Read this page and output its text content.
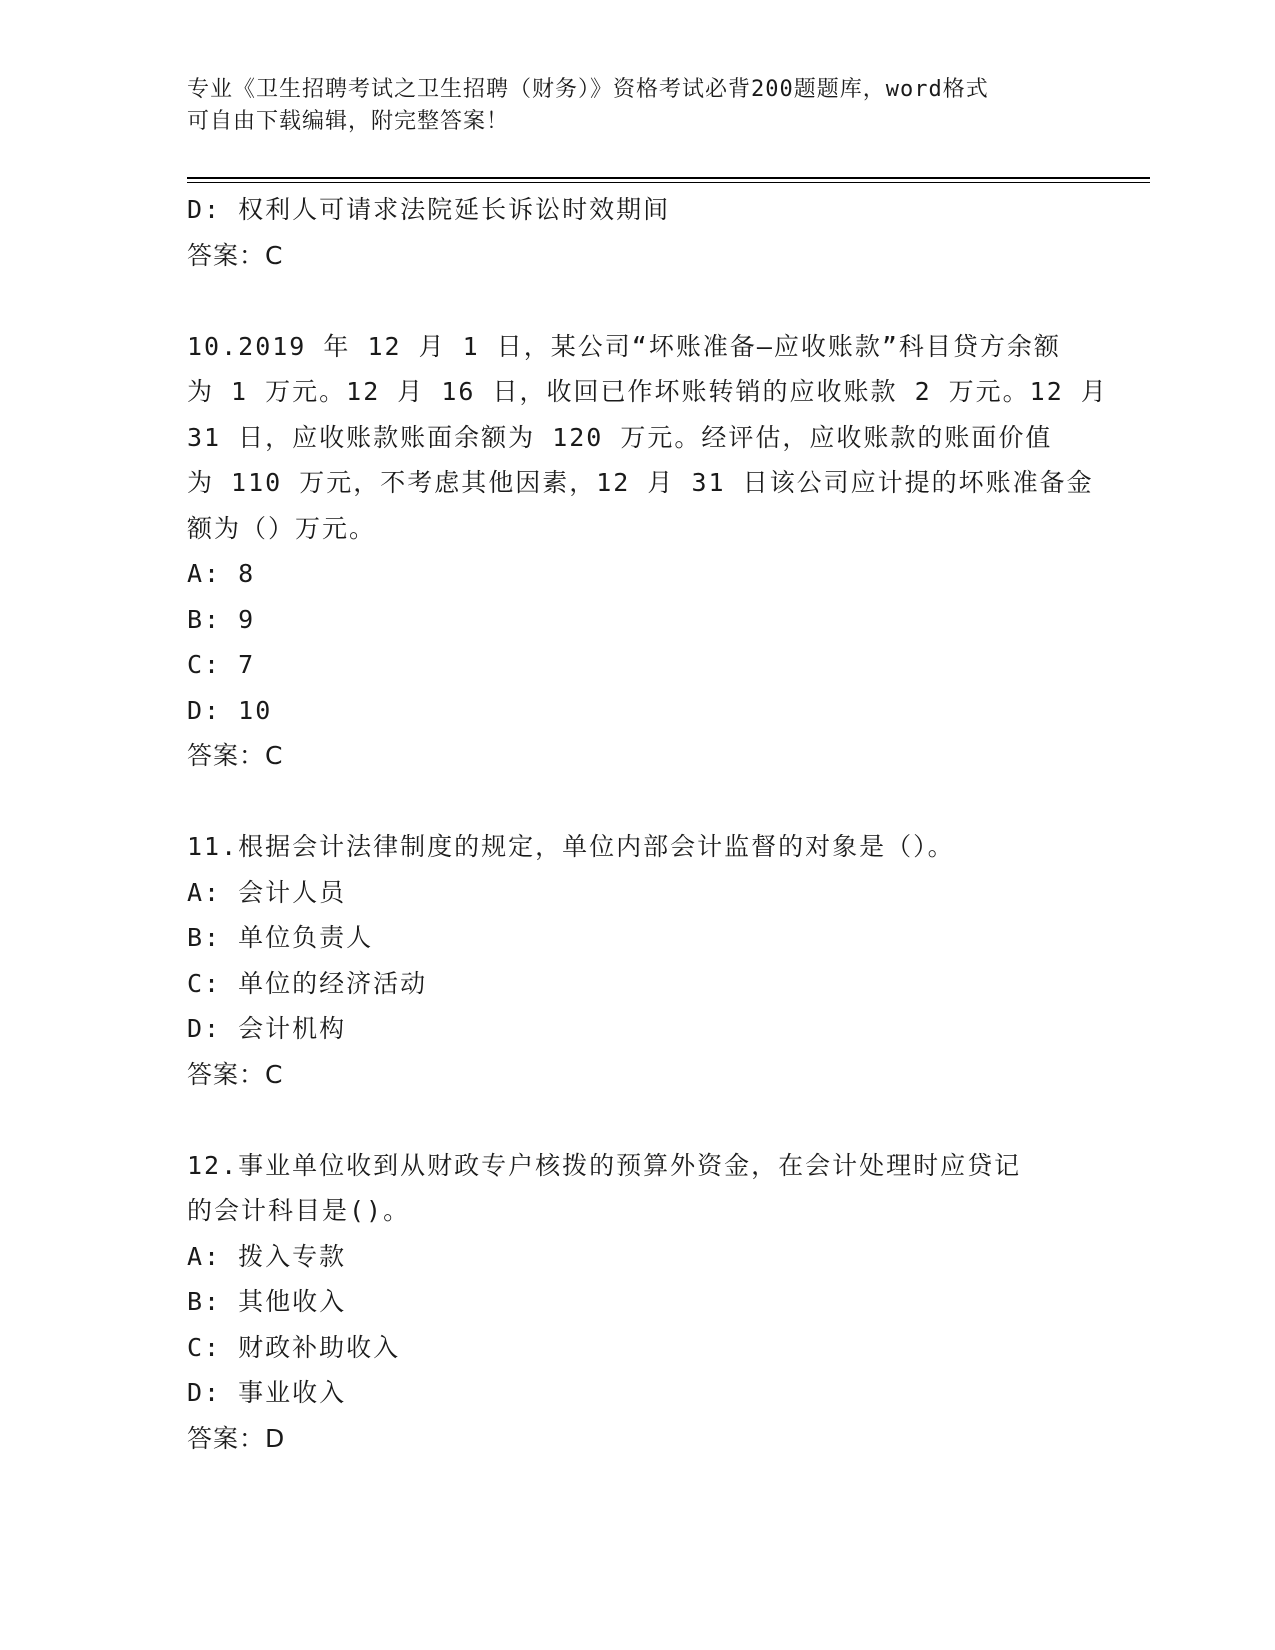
专业《卫生招聘考试之卫生招聘（财务）》资格考试必背200题题库，word格式
可自由下载编辑，附完整答案！
D: 权利人可请求法院延长诉讼时效期间
答案：C
10.2019 年 12 月 1 日，某公司“坏账准备—应收账款”科目贷方余额
为 1 万元。12 月 16 日，收回已作坏账转销的应收账款 2 万元。12 月
31 日，应收账款账面余额为 120 万元。经评估，应收账款的账面价值
为 110 万元，不考虑其他因素，12 月 31 日该公司应计提的坏账准备金
额为（）万元。
A: 8
B: 9
C: 7
D: 10
答案：C
11.根据会计法律制度的规定，单位内部会计监督的对象是（）。
A: 会计人员
B: 单位负责人
C: 单位的经济活动
D: 会计机构
答案：C
12.事业单位收到从财政专户核拨的预算外资金，在会计处理时应贷记
的会计科目是()。
A: 拨入专款
B: 其他收入
C: 财政补助收入
D: 事业收入
答案：D
